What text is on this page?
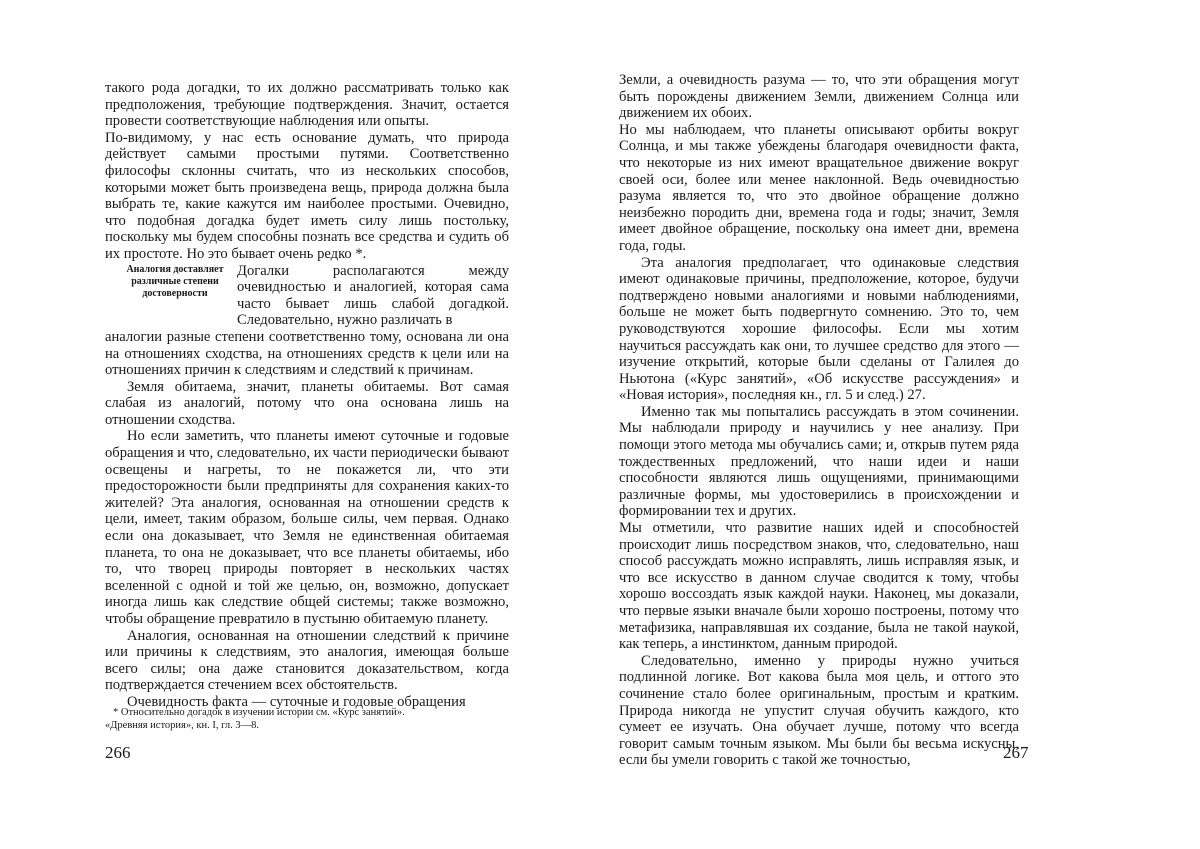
такого рода догадки, то их должно рассматривать только как предположения, требующие подтверждения. Значит, остается провести соответствующие наблюдения или опыты.

По-видимому, у нас есть основание думать, что природа действует самыми простыми путями. Соответственно философы склонны считать, что из нескольких способов, которыми может быть произведена вещь, природа должна была выбрать те, какие кажутся им наиболее простыми. Очевидно, что подобная догадка будет иметь силу лишь постольку, поскольку мы будем способны познать все средства и судить об их простоте. Но это бывает очень редко *.

Догалки располагаются между очевидностью и аналогией, которая сама часто бывает лишь слабой догадкой. Следовательно, нужно различать в

аналогии разные степени соответственно тому, основана ли она на отношениях сходства, на отношениях средств к цели или на отношениях причин к следствиям и следствий к причинам.

Земля обитаема, значит, планеты обитаемы. Вот самая слабая из аналогий, потому что она основана лишь на отношении сходства.

Но если заметить, что планеты имеют суточные и годовые обращения и что, следовательно, их части периодически бывают освещены и нагреты, то не покажется ли, что эти предосторожности были предприняты для сохранения каких-то жителей? Эта аналогия, основанная на отношении средств к цели, имеет, таким образом, больше силы, чем первая. Однако если она доказывает, что Земля не единственная обитаемая планета, то она не доказывает, что все планеты обитаемы, ибо то, что творец природы повторяет в нескольких частях вселенной с одной и той же целью, он, возможно, допускает иногда лишь как следствие общей системы; также возможно, чтобы обращение превратило в пустыню обитаемую планету.

Аналогия, основанная на отношении следствий к причине или причины к следствиям, это аналогия, имеющая больше всего силы; она даже становится доказательством, когда подтверждается стечением всех обстоятельств.

Очевидность факта — суточные и годовые обращения

Аналогия доставляет различные степени достоверности
* Относительно догадок в изучении истории см. «Курс занятий».
«Древняя история», кн. I, гл. 3—8.
266

Земли, а очевидность разума — то, что эти обращения могут быть порождены движением Земли, движением Солнца или движением их обоих.

Но мы наблюдаем, что планеты описывают орбиты вокруг Солнца, и мы также убеждены благодаря очевидности факта, что некоторые из них имеют вращательное движение вокруг своей оси, более или менее наклонной. Ведь очевидностью разума является то, что это двойное обращение должно неизбежно породить дни, времена года и годы; значит, Земля имеет двойное обращение, поскольку она имеет дни, времена года, годы.

Эта аналогия предполагает, что одинаковые следствия имеют одинаковые причины, предположение, которое, будучи подтверждено новыми аналогиями и новыми наблюдениями, больше не может быть подвергнуто сомнению. Это то, чем руководствуются хорошие философы. Если мы хотим научиться рассуждать как они, то лучшее средство для этого — изучение открытий, которые были сделаны от Галилея до Ньютона («Курс занятий», «Об искусстве рассуждения» и «Новая история», последняя кн., гл. 5 и след.) 27.

Именно так мы попытались рассуждать в этом сочинении. Мы наблюдали природу и научились у нее анализу. При помощи этого метода мы обучались сами; и, открыв путем ряда тождественных предложений, что наши идеи и наши способности являются лишь ощущениями, принимающими различные формы, мы удостоверились в происхождении и формировании тех и других.

Мы отметили, что развитие наших идей и способностей происходит лишь посредством знаков, что, следовательно, наш способ рассуждать можно исправлять, лишь исправляя язык, и что все искусство в данном случае сводится к тому, чтобы хорошо воссоздать язык каждой науки. Наконец, мы доказали, что первые языки вначале были хорошо построены, потому что метафизика, направлявшая их создание, была не такой наукой, как теперь, а инстинктом, данным природой.

Следовательно, именно у природы нужно учиться подлинной логике. Вот какова была моя цель, и оттого это сочинение стало более оригинальным, простым и кратким. Природа никогда не упустит случая обучить каждого, кто сумеет ее изучать. Она обучает лучше, потому что всегда говорит самым точным языком. Мы были бы весьма искусны, если бы умели говорить с такой же точностью,	267
